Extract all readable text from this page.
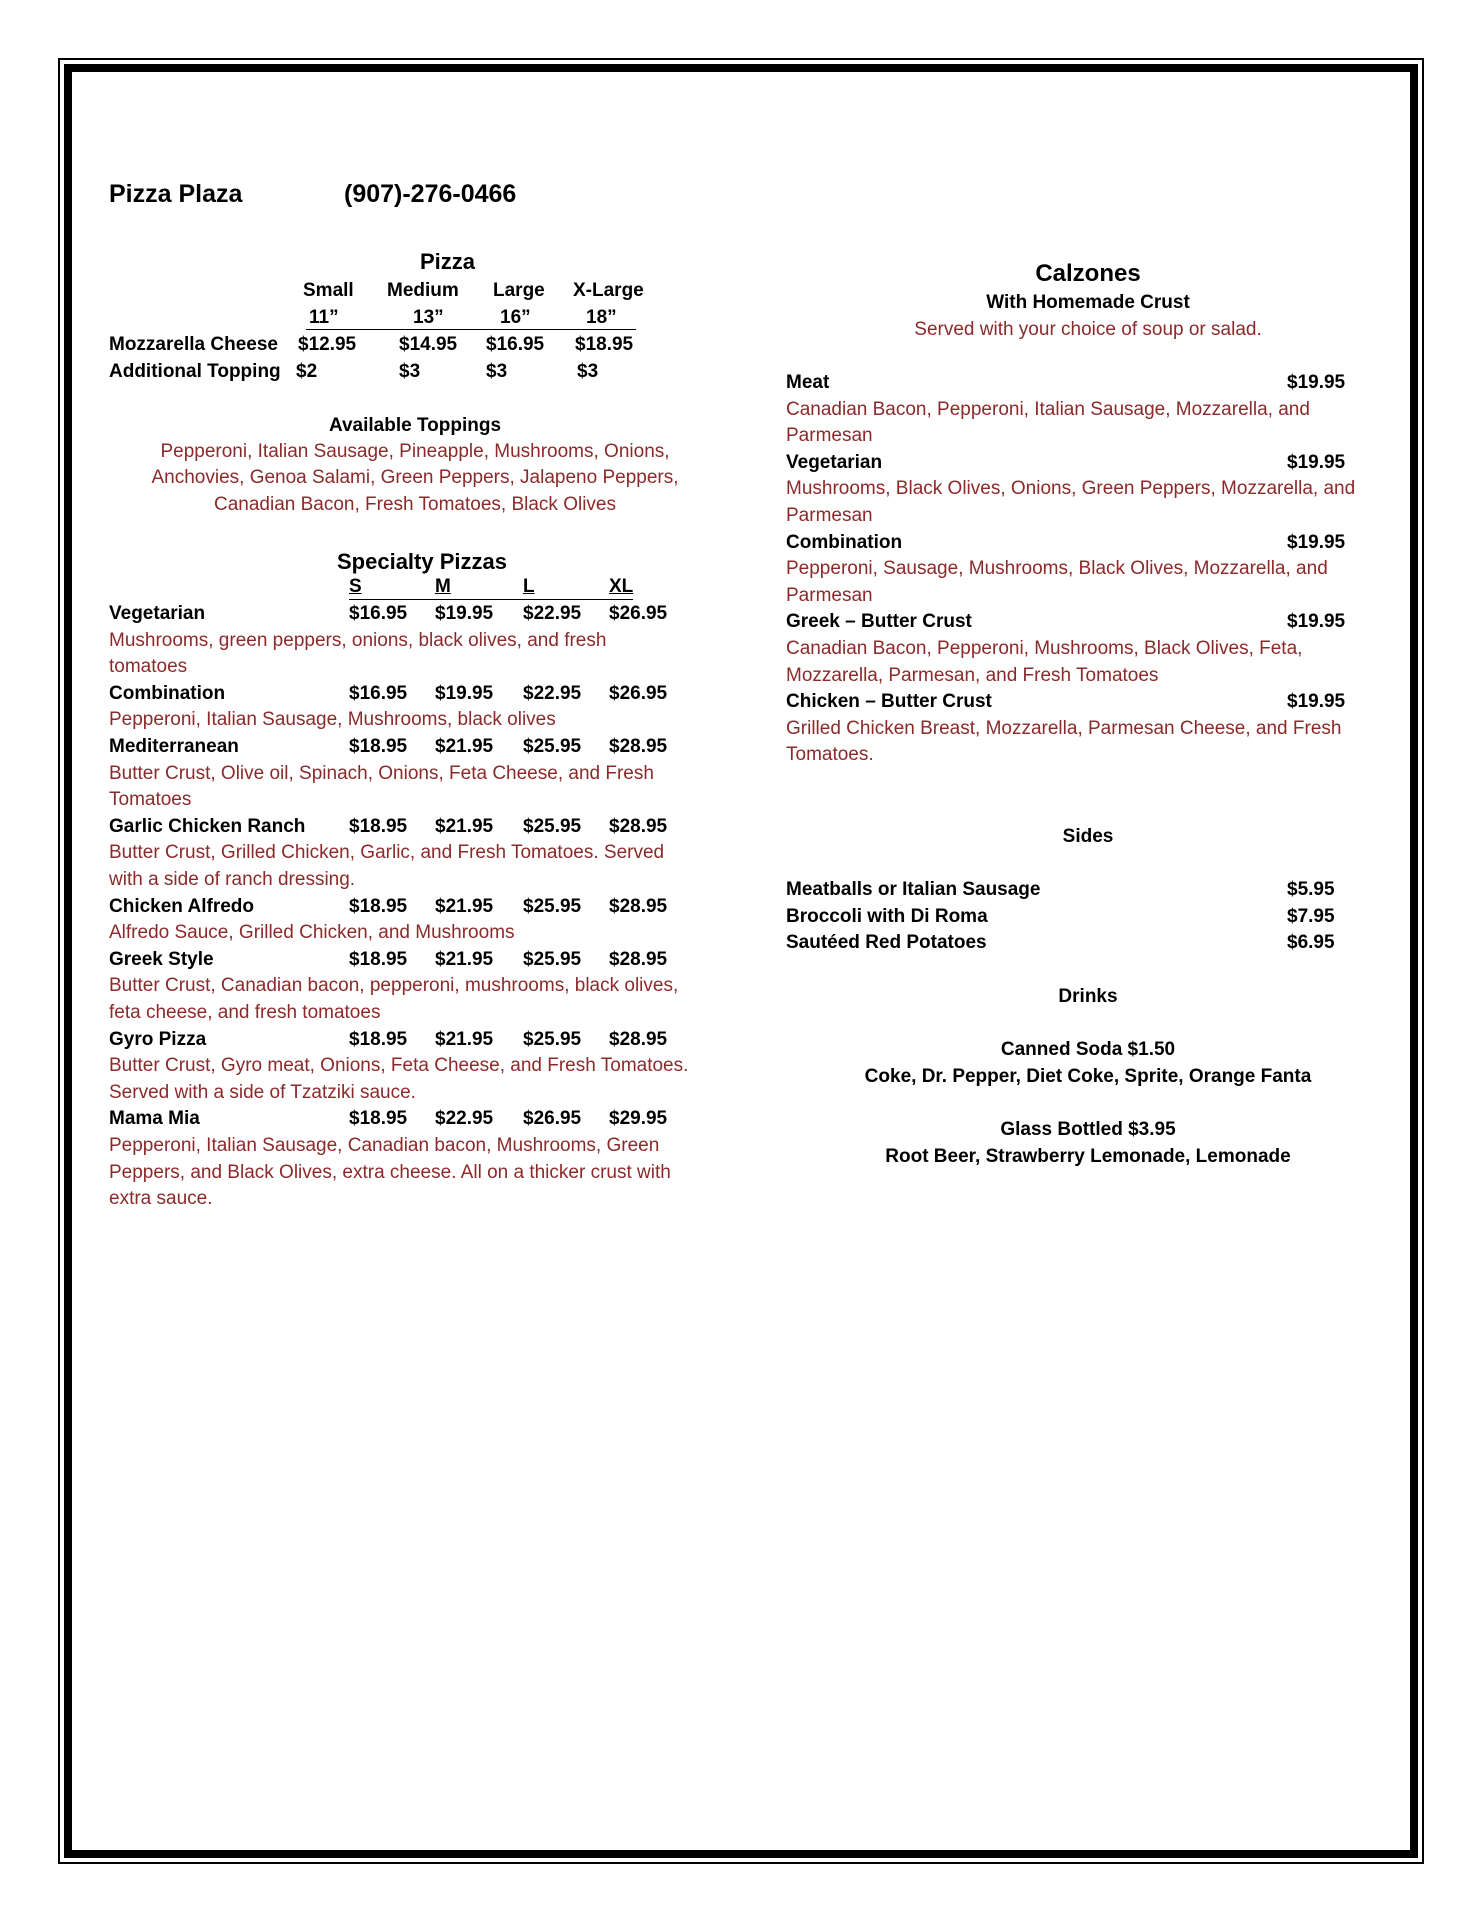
Pizza Plaza	(907)-276-0466
Pizza
Small Medium Large X-Large
11”	13”	16”	18”
Mozzarella Cheese $12.95 $14.95 $16.95 $18.95
Additional Topping $2	$3	$3	$3
Available Toppings
Pepperoni, Italian Sausage, Pineapple, Mushrooms, Onions,
Anchovies, Genoa Salami, Green Peppers, Jalapeno Peppers,
Canadian Bacon, Fresh Tomatoes, Black Olives
Specialty Pizzas
S	M	L	XL
Vegetarian	$16.95 $19.95 $22.95 $26.95
Mushrooms, green peppers, onions, black olives, and fresh
tomatoes
Combination	$16.95 $19.95 $22.95 $26.95
Pepperoni, Italian Sausage, Mushrooms, black olives
Mediterranean	$18.95 $21.95 $25.95 $28.95
Butter Crust, Olive oil, Spinach, Onions, Feta Cheese, and Fresh
Tomatoes
Garlic Chicken Ranch $18.95 $21.95 $25.95 $28.95
Butter Crust, Grilled Chicken, Garlic, and Fresh Tomatoes. Served
with a side of ranch dressing.
Chicken Alfredo	$18.95 $21.95 $25.95 $28.95
Alfredo Sauce, Grilled Chicken, and Mushrooms
Greek Style	$18.95 $21.95 $25.95 $28.95
Butter Crust, Canadian bacon, pepperoni, mushrooms, black olives,
feta cheese, and fresh tomatoes
Gyro Pizza	$18.95 $21.95 $25.95 $28.95
Butter Crust, Gyro meat, Onions, Feta Cheese, and Fresh Tomatoes.
Served with a side of Tzatziki sauce.
Mama Mia	$18.95 $22.95 $26.95 $29.95
Pepperoni, Italian Sausage, Canadian bacon, Mushrooms, Green
Peppers, and Black Olives, extra cheese. All on a thicker crust with
extra sauce.
Calzones
With Homemade Crust
Served with your choice of soup or salad.
Meat	$19.95
Canadian Bacon, Pepperoni, Italian Sausage, Mozzarella, and
Parmesan
Vegetarian	$19.95
Mushrooms, Black Olives, Onions, Green Peppers, Mozzarella, and
Parmesan
Combination	$19.95
Pepperoni, Sausage, Mushrooms, Black Olives, Mozzarella, and
Parmesan
Greek – Butter Crust	$19.95
Canadian Bacon, Pepperoni, Mushrooms, Black Olives, Feta,
Mozzarella, Parmesan, and Fresh Tomatoes
Chicken – Butter Crust	$19.95
Grilled Chicken Breast, Mozzarella, Parmesan Cheese, and Fresh
Tomatoes.
Sides
Meatballs or Italian Sausage	$5.95
Broccoli with Di Roma	$7.95
Sautéed Red Potatoes	$6.95
Drinks
Canned Soda $1.50
Coke, Dr. Pepper, Diet Coke, Sprite, Orange Fanta
Glass Bottled $3.95
Root Beer, Strawberry Lemonade, Lemonade
